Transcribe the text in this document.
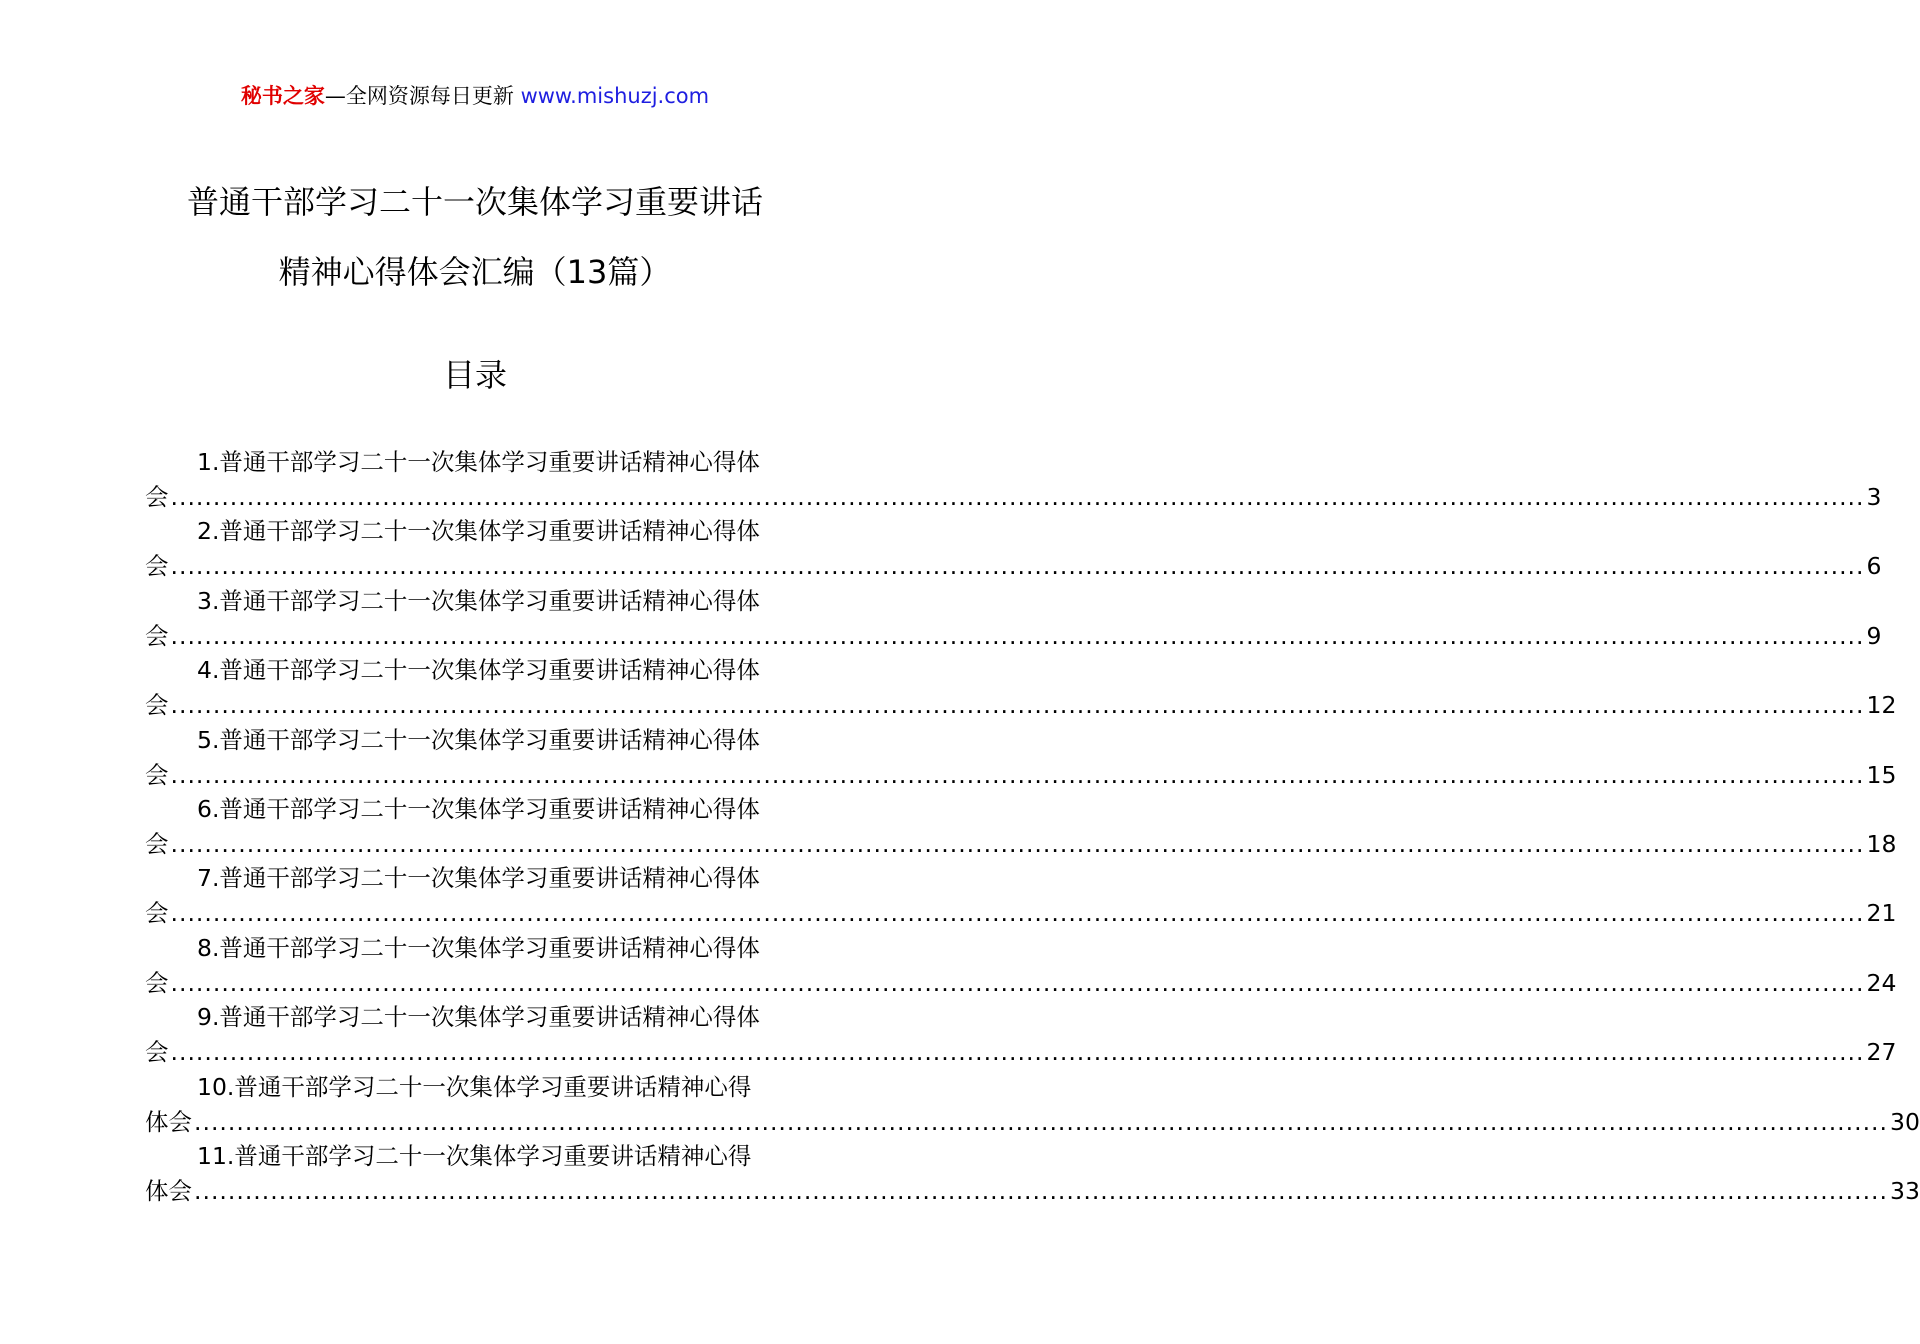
秘书之家—全网资源每日更新 www.mishuzj.com
普通干部学习二十一次集体学习重要讲话
精神心得体会汇编（13篇）
目录
1.普通干部学习二十一次集体学习重要讲话精神心得体
会 ........................................................................................................................................................................................................ 3
2.普通干部学习二十一次集体学习重要讲话精神心得体
会 ........................................................................................................................................................................................................ 6
3.普通干部学习二十一次集体学习重要讲话精神心得体
会 ........................................................................................................................................................................................................ 9
4.普通干部学习二十一次集体学习重要讲话精神心得体
会 ........................................................................................................................................................................................................ 12
5.普通干部学习二十一次集体学习重要讲话精神心得体
会 ........................................................................................................................................................................................................ 15
6.普通干部学习二十一次集体学习重要讲话精神心得体
会 ........................................................................................................................................................................................................ 18
7.普通干部学习二十一次集体学习重要讲话精神心得体
会 ........................................................................................................................................................................................................ 21
8.普通干部学习二十一次集体学习重要讲话精神心得体
会 ........................................................................................................................................................................................................ 24
9.普通干部学习二十一次集体学习重要讲话精神心得体
会 ........................................................................................................................................................................................................ 27
10.普通干部学习二十一次集体学习重要讲话精神心得
体会 ........................................................................................................................................................................................................ 30
11.普通干部学习二十一次集体学习重要讲话精神心得
体会 ........................................................................................................................................................................................................ 33
